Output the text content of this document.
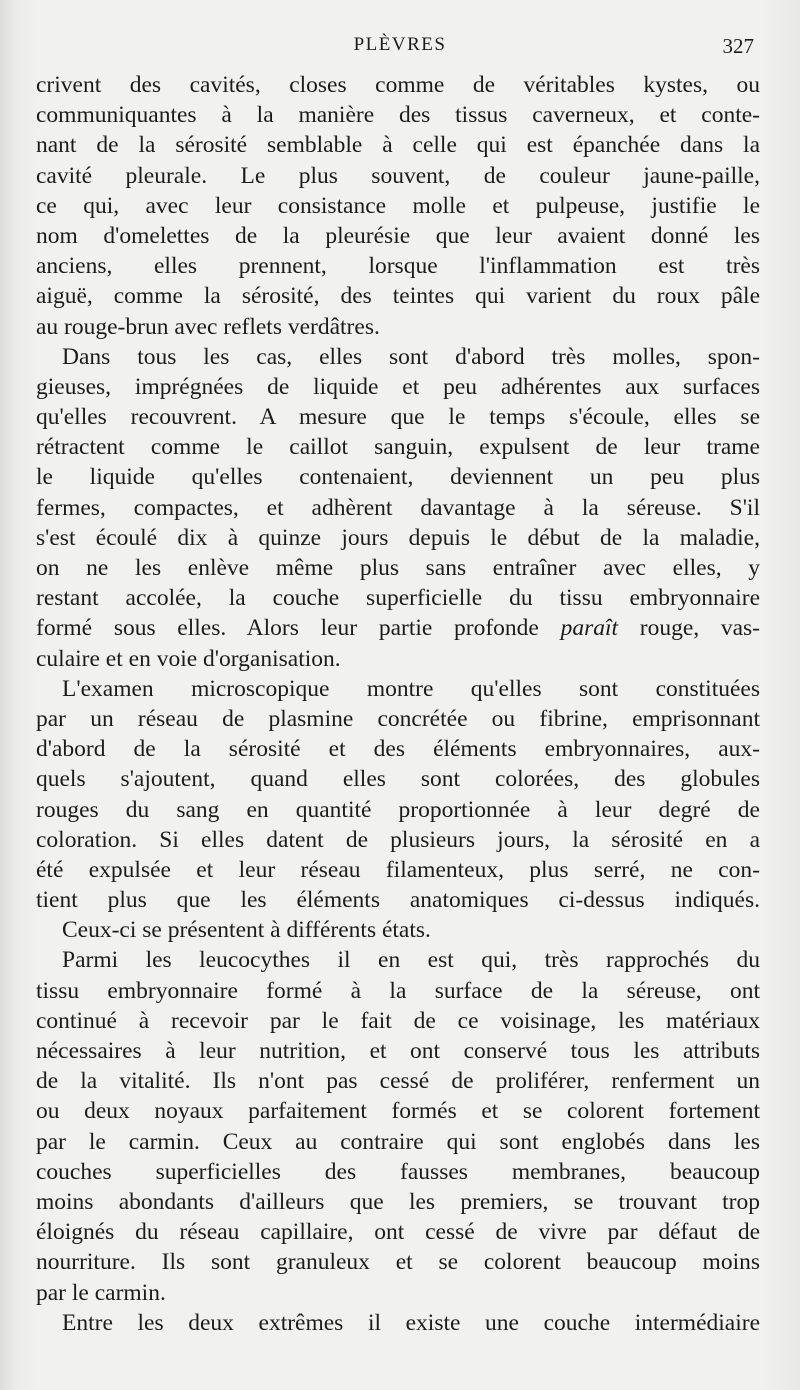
PLÈVRES	327
crivent des cavités, closes comme de véritables kystes, ou
communiquantes à la manière des tissus caverneux, et conte-
nant de la sérosité semblable à celle qui est épanchée dans la
cavité pleurale. Le plus souvent, de couleur jaune-paille,
ce qui, avec leur consistance molle et pulpeuse, justifie le
nom d'omelettes de la pleurésie que leur avaient donné les
anciens, elles prennent, lorsque l'inflammation est très
aiguë, comme la sérosité, des teintes qui varient du roux pâle
au rouge-brun avec reflets verdâtres.
Dans tous les cas, elles sont d'abord très molles, spon-
gieuses, imprégnées de liquide et peu adhérentes aux surfaces
qu'elles recouvrent. A mesure que le temps s'écoule, elles se
rétractent comme le caillot sanguin, expulsent de leur trame
le liquide qu'elles contenaient, deviennent un peu plus
fermes, compactes, et adhèrent davantage à la séreuse. S'il
s'est écoulé dix à quinze jours depuis le début de la maladie,
on ne les enlève même plus sans entraîner avec elles, y
restant accolée, la couche superficielle du tissu embryonnaire
formé sous elles. Alors leur partie profonde paraît rouge, vas-
culaire et en voie d'organisation.
L'examen microscopique montre qu'elles sont constituées
par un réseau de plasmine concrétée ou fibrine, emprisonnant
d'abord de la sérosité et des éléments embryonnaires, aux-
quels s'ajoutent, quand elles sont colorées, des globules
rouges du sang en quantité proportionnée à leur degré de
coloration. Si elles datent de plusieurs jours, la sérosité en a
été expulsée et leur réseau filamenteux, plus serré, ne con-
tient plus que les éléments anatomiques ci-dessus indiqués.
Ceux-ci se présentent à différents états.
Parmi les leucocythes il en est qui, très rapprochés du
tissu embryonnaire formé à la surface de la séreuse, ont
continué à recevoir par le fait de ce voisinage, les matériaux
nécessaires à leur nutrition, et ont conservé tous les attributs
de la vitalité. Ils n'ont pas cessé de proliférer, renferment un
ou deux noyaux parfaitement formés et se colorent fortement
par le carmin. Ceux au contraire qui sont englobés dans les
couches superficielles des fausses membranes, beaucoup
moins abondants d'ailleurs que les premiers, se trouvant trop
éloignés du réseau capillaire, ont cessé de vivre par défaut de
nourriture. Ils sont granuleux et se colorent beaucoup moins
par le carmin.
Entre les deux extrêmes il existe une couche intermédiaire
